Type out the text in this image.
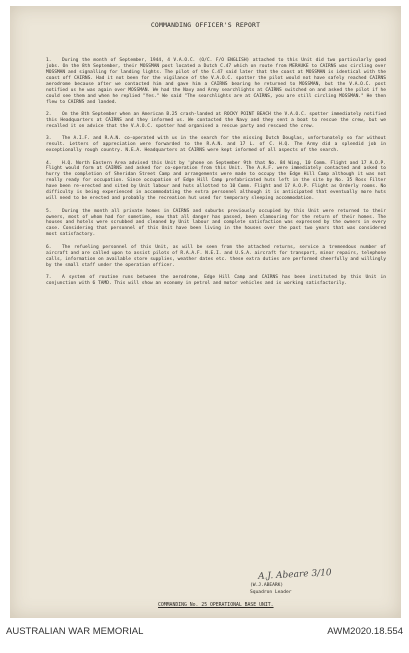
COMMANDING OFFICER'S REPORT

1. During the month of September, 1944, 4 V.A.O.C. (O/C. F/O ENGLISH) attached to this Unit did two particularly good jobs. On the 8th September, their MOSSMAN post located a Dutch C.47 which on route from MERAUKE to CAIRNS was circling over MOSSMAN and signalling for landing lights. The pilot of the C.47 said later that the coast at MOSSMAN is identical with the coast off CAIRNS. Had it not been for the vigilance of the V.A.O.C. spotter the pilot would not have safely reached CAIRNS aerodrome because after we contacted him and gave him a CAIRNS bearing he returned to MOSSMAN, but the V.A.O.C. post notified us he was again over MOSSMAN. We had the Navy and Army searchlights at CAIRNS switched on and asked the pilot if he could see them and when he replied "Yes." We said "The searchlights are at CAIRNS, you are still circling MOSSMAN." He then flew to CAIRNS and landed.

2. On the 8th September when an American B.25 crash-landed at ROCKY POINT BEACH the V.A.O.C. spotter immediately notified this Headquarters at CAIRNS and they informed us. We contacted the Navy and they sent a boat to rescue the crew, but we recalled it on advice that the V.A.O.C. spotter had organised a rescue party and rescued the crew.

3. The A.I.F. and R.A.N. co-operated with us in the search for the missing Dutch Douglas, unfortunately so far without result. Letters of appreciation were forwarded to the R.A.N. and 17 L. of C. H.Q. The Army did a splendid job in exceptionally rough country. N.E.A. Headquarters at CAIRNS were kept informed of all aspects of the search.

4. H.Q. North Eastern Area advised this Unit by 'phone on September 9th that No. 84 Wing, 10 Comm. Flight and 17 A.O.P. Flight would form at CAIRNS and asked for co-operation from this Unit. The A.A.F. were immediately contacted and asked to hurry the completion of Sheridan Street Camp and arrangements were made to occupy the Edge Hill Camp although it was not really ready for occupation. Since occupation of Edge Hill Camp prefabricated huts left in the site by No. 35 Ross Filter have been re-erected and sited by Unit labour and huts allotted to 10 Comm. Flight and 17 A.O.P. Flight as Orderly rooms. No difficulty is being experienced in accommodating the extra personnel although it is anticipated that eventually more huts will need to be erected and probably the recreation hut used for temporary sleeping accommodation.

5. During the month all private homes in CAIRNS and suburbs previously occupied by this Unit were returned to their owners, most of whom had for sometime, now that all danger has passed, been clamouring for the return of their homes. The houses and hotels were scrubbed and cleaned by Unit labour and complete satisfaction was expressed by the owners in every case. Considering that personnel of this Unit have been living in the houses over the past two years that was considered most satisfactory.

6. The refueling personnel of this Unit, as will be seen from the attached returns, service a tremendous number of aircraft and are called upon to assist pilots of R.A.A.F. N.E.I. and U.S.A. aircraft for transport, minor repairs, telephone calls, information on available store supplies, weather dates etc. these extra duties are performed cheerfully and willingly by the small staff under the operation officer.

7. A system of routine runs between the aerodrome, Edge Hill Camp and CAIRNS has been instituted by this Unit in conjunction with 6 TAMD. This will show an economy in petrol and motor vehicles and is working satisfactorily.

A.J. Abeare 3/10
(W.J.ABEARK)
Squadron Leader
COMMANDING No. 25 OPERATIONAL BASE UNIT.
AUSTRALIAN WAR MEMORIAL	AWM2020.18.554
